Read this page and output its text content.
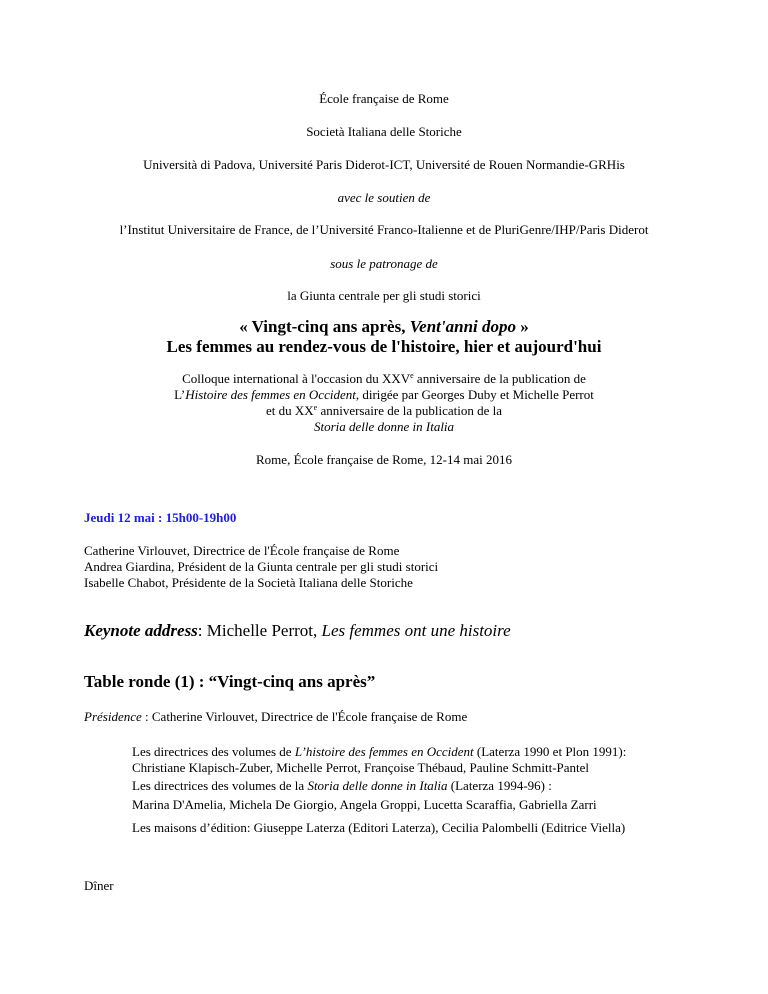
École française de Rome
Società Italiana delle Storiche
Università di Padova, Université Paris Diderot-ICT, Université de Rouen Normandie-GRHis
avec le soutien de
l’Institut Universitaire de France, de l’Université Franco-Italienne et de PluriGenre/IHP/Paris Diderot
sous le patronage de
la Giunta centrale per gli studi storici
« Vingt-cinq ans après, Vent'anni dopo »
Les femmes au rendez-vous de l'histoire, hier et aujourd'hui
Colloque international à l'occasion du XXVe anniversaire de la publication de
L’Histoire des femmes en Occident, dirigée par Georges Duby et Michelle Perrot
et du XXe anniversaire de la publication de la
Storia delle donne in Italia
Rome, École française de Rome, 12-14 mai 2016
Jeudi 12 mai : 15h00-19h00
Catherine Virlouvet, Directrice de l'École française de Rome
Andrea Giardina, Président de la Giunta centrale per gli studi storici
Isabelle Chabot, Présidente de la Società Italiana delle Storiche
Keynote address: Michelle Perrot, Les femmes ont une histoire
Table ronde (1) : “Vingt-cinq ans après”
Présidence : Catherine Virlouvet, Directrice de l'École française de Rome
Les directrices des volumes de L’histoire des femmes en Occident (Laterza 1990 et Plon 1991):
Christiane Klapisch-Zuber, Michelle Perrot, Françoise Thébaud, Pauline Schmitt-Pantel
Les directrices des volumes de la Storia delle donne in Italia (Laterza 1994-96) :
Marina D'Amelia, Michela De Giorgio, Angela Groppi, Lucetta Scaraffia, Gabriella Zarri
Les maisons d’édition: Giuseppe Laterza (Editori Laterza), Cecilia Palombelli (Editrice Viella)
Dîner
